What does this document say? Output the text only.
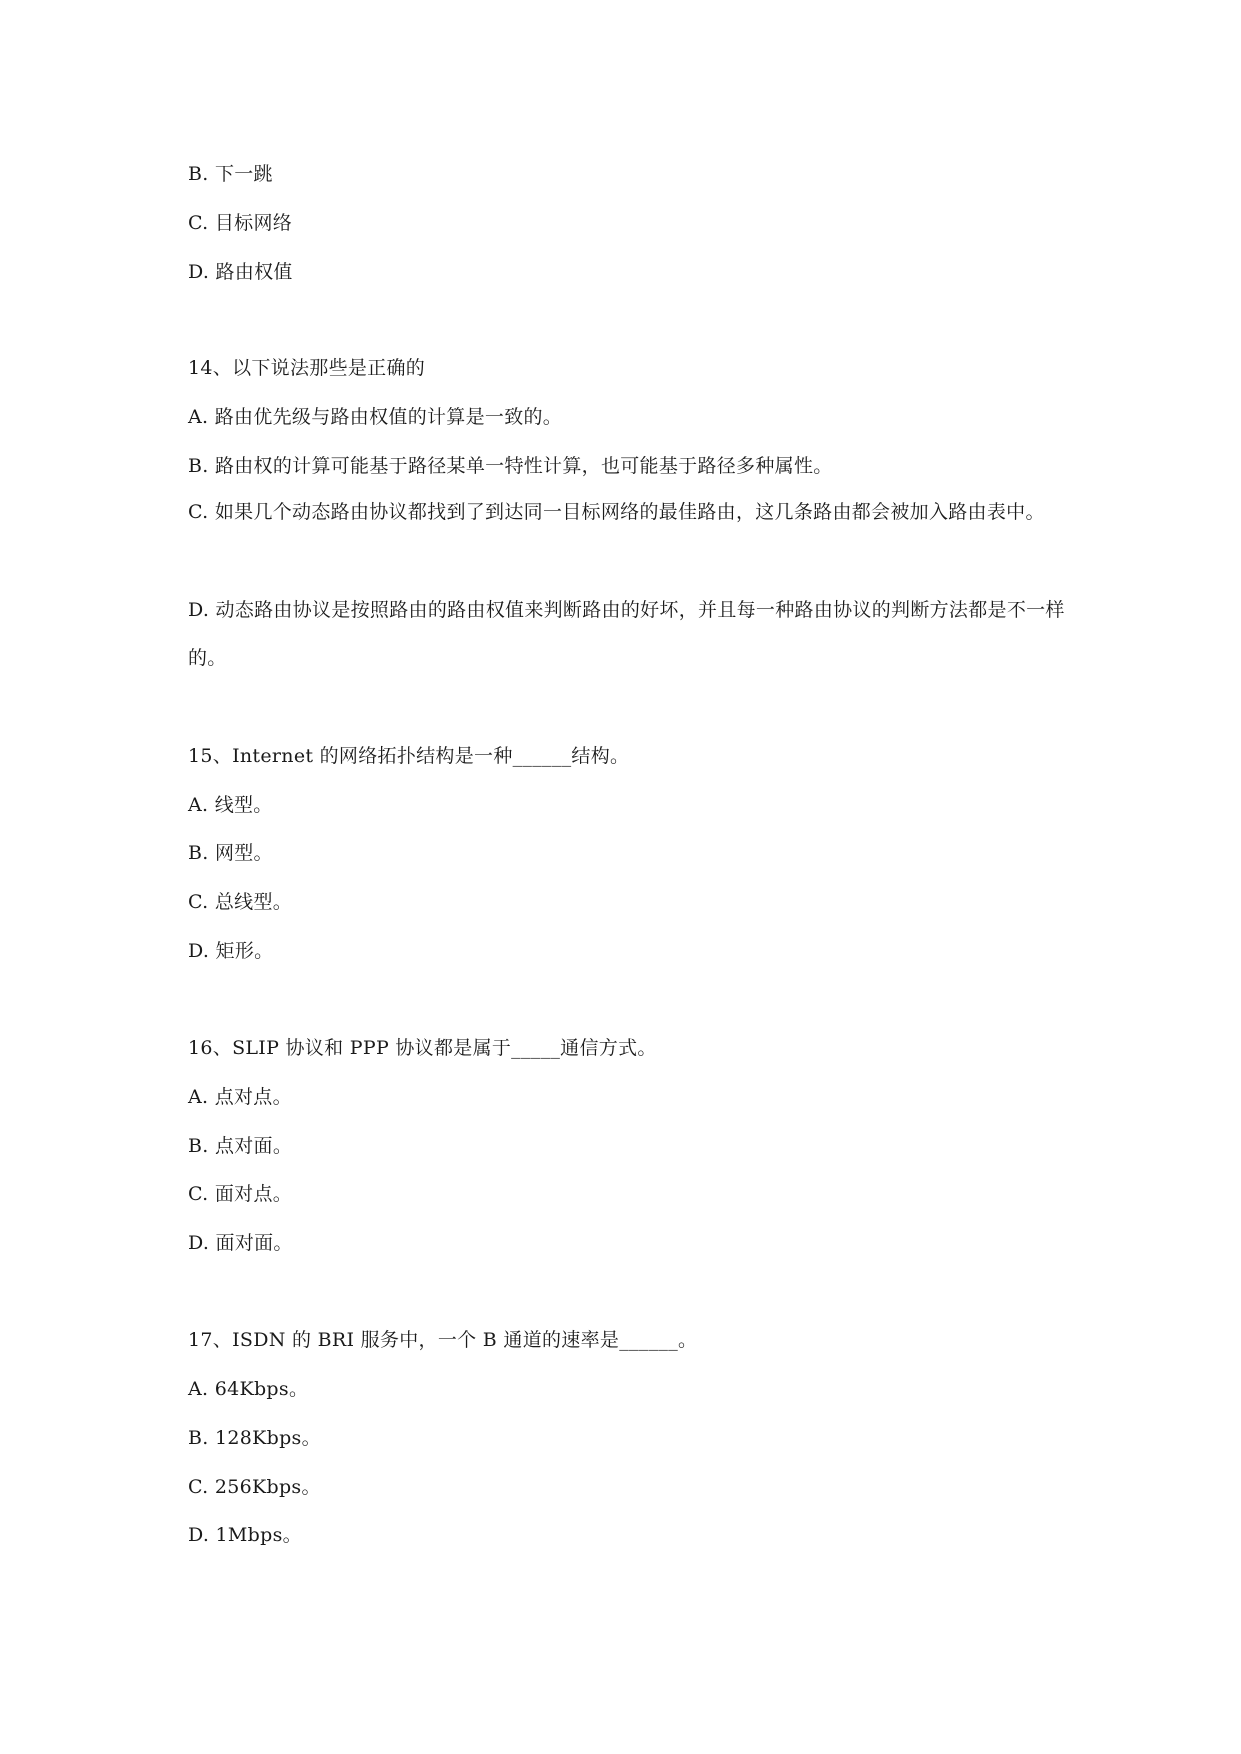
B. 下一跳
C. 目标网络
D. 路由权值
14、以下说法那些是正确的
A. 路由优先级与路由权值的计算是一致的。
B. 路由权的计算可能基于路径某单一特性计算，也可能基于路径多种属性。
C. 如果几个动态路由协议都找到了到达同一目标网络的最佳路由，这几条路由都会被加入路由表中。
D. 动态路由协议是按照路由的路由权值来判断路由的好坏，并且每一种路由协议的判断方法都是不一样的。
15、Internet 的网络拓扑结构是一种______结构。
A. 线型。
B. 网型。
C. 总线型。
D. 矩形。
16、SLIP 协议和 PPP 协议都是属于_____通信方式。
A. 点对点。
B. 点对面。
C. 面对点。
D. 面对面。
17、ISDN 的 BRI 服务中，一个 B 通道的速率是______。
A. 64Kbps。
B. 128Kbps。
C. 256Kbps。
D. 1Mbps。
